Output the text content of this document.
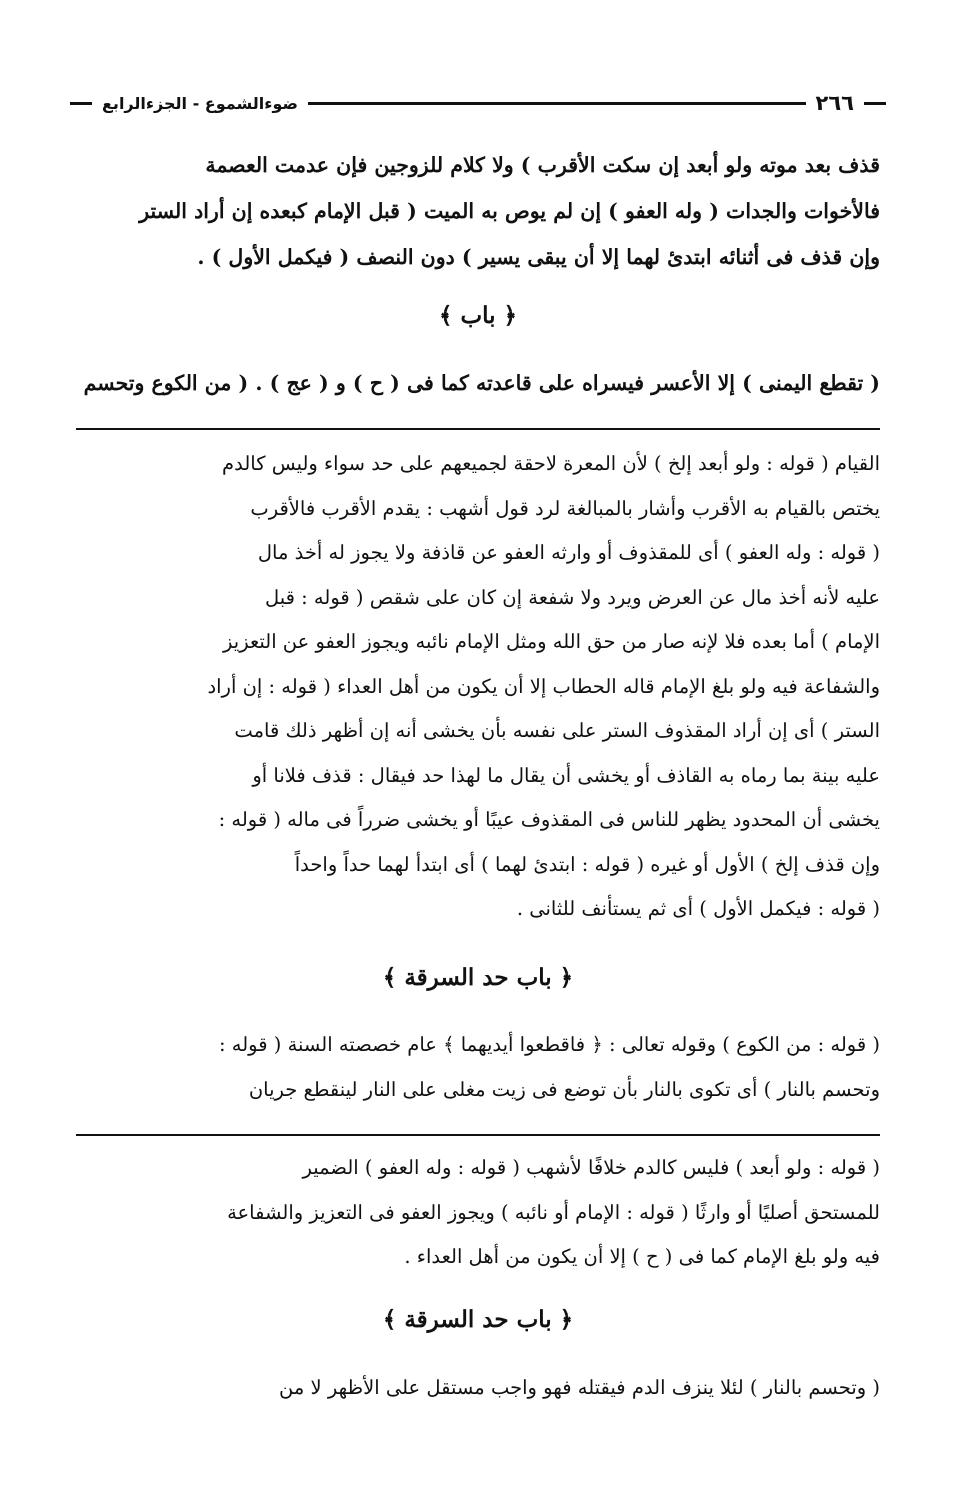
٢٦٦
ضوءالشموع - الجزءالرابع

قذف بعد موته ولو أبعد إن سكت الأقرب ) ولا كلام للزوجين فإن عدمت العصمة

فالأخوات والجدات ( وله العفو ) إن لم يوص به الميت ( قبل الإمام كبعده إن أراد الستر

وإن قذف فى أثنائه ابتدئ لهما إلا أن يبقى يسير ) دون النصف ( فيكمل الأول ) .

﴿ باب ﴾

( تقطع اليمنى ) إلا الأعسر فيسراه على قاعدته كما فى ( ح ) و ( عج ) . ( من الكوع وتحسم

القيام ( قوله : ولو أبعد إلخ ) لأن المعرة لاحقة لجميعهم على حد سواء وليس كالدم

يختص بالقيام به الأقرب وأشار بالمبالغة لرد قول أشهب : يقدم الأقرب فالأقرب

( قوله : وله العفو ) أى للمقذوف أو وارثه العفو عن قاذفة ولا يجوز له أخذ مال

عليه لأنه أخذ مال عن العرض ويرد ولا شفعة إن كان على شقص ( قوله : قبل

الإمام ) أما بعده فلا لإنه صار من حق الله ومثل الإمام نائبه ويجوز العفو عن التعزيز

والشفاعة فيه ولو بلغ الإمام قاله الحطاب إلا أن يكون من أهل العداء ( قوله : إن أراد

الستر ) أى إن أراد المقذوف الستر على نفسه بأن يخشى أنه إن أظهر ذلك قامت

عليه بينة بما رماه به القاذف أو يخشى أن يقال ما لهذا حد فيقال : قذف فلانا أو

يخشى أن المحدود يظهر للناس فى المقذوف عيبًا أو يخشى ضرراً فى ماله ( قوله :

وإن قذف إلخ ) الأول أو غيره ( قوله : ابتدئ لهما ) أى ابتدأ لهما حداً واحداً

( قوله : فيكمل الأول ) أى ثم يستأنف للثانى .

﴿ باب حد السرقة ﴾

( قوله : من الكوع ) وقوله تعالى : ﴿ فاقطعوا أيديهما ﴾ عام خصصته السنة ( قوله :

وتحسم بالنار ) أى تكوى بالنار بأن توضع فى زيت مغلى على النار لينقطع جريان

( قوله : ولو أبعد ) فليس كالدم خلافًا لأشهب ( قوله : وله العفو ) الضمير

للمستحق أصليًا أو وارثًا ( قوله : الإمام أو نائبه ) ويجوز العفو فى التعزيز والشفاعة

فيه ولو بلغ الإمام كما فى ( ح ) إلا أن يكون من أهل العداء .

﴿ باب حد السرقة ﴾

( وتحسم بالنار ) لئلا ينزف الدم فيقتله فهو واجب مستقل على الأظهر لا من
